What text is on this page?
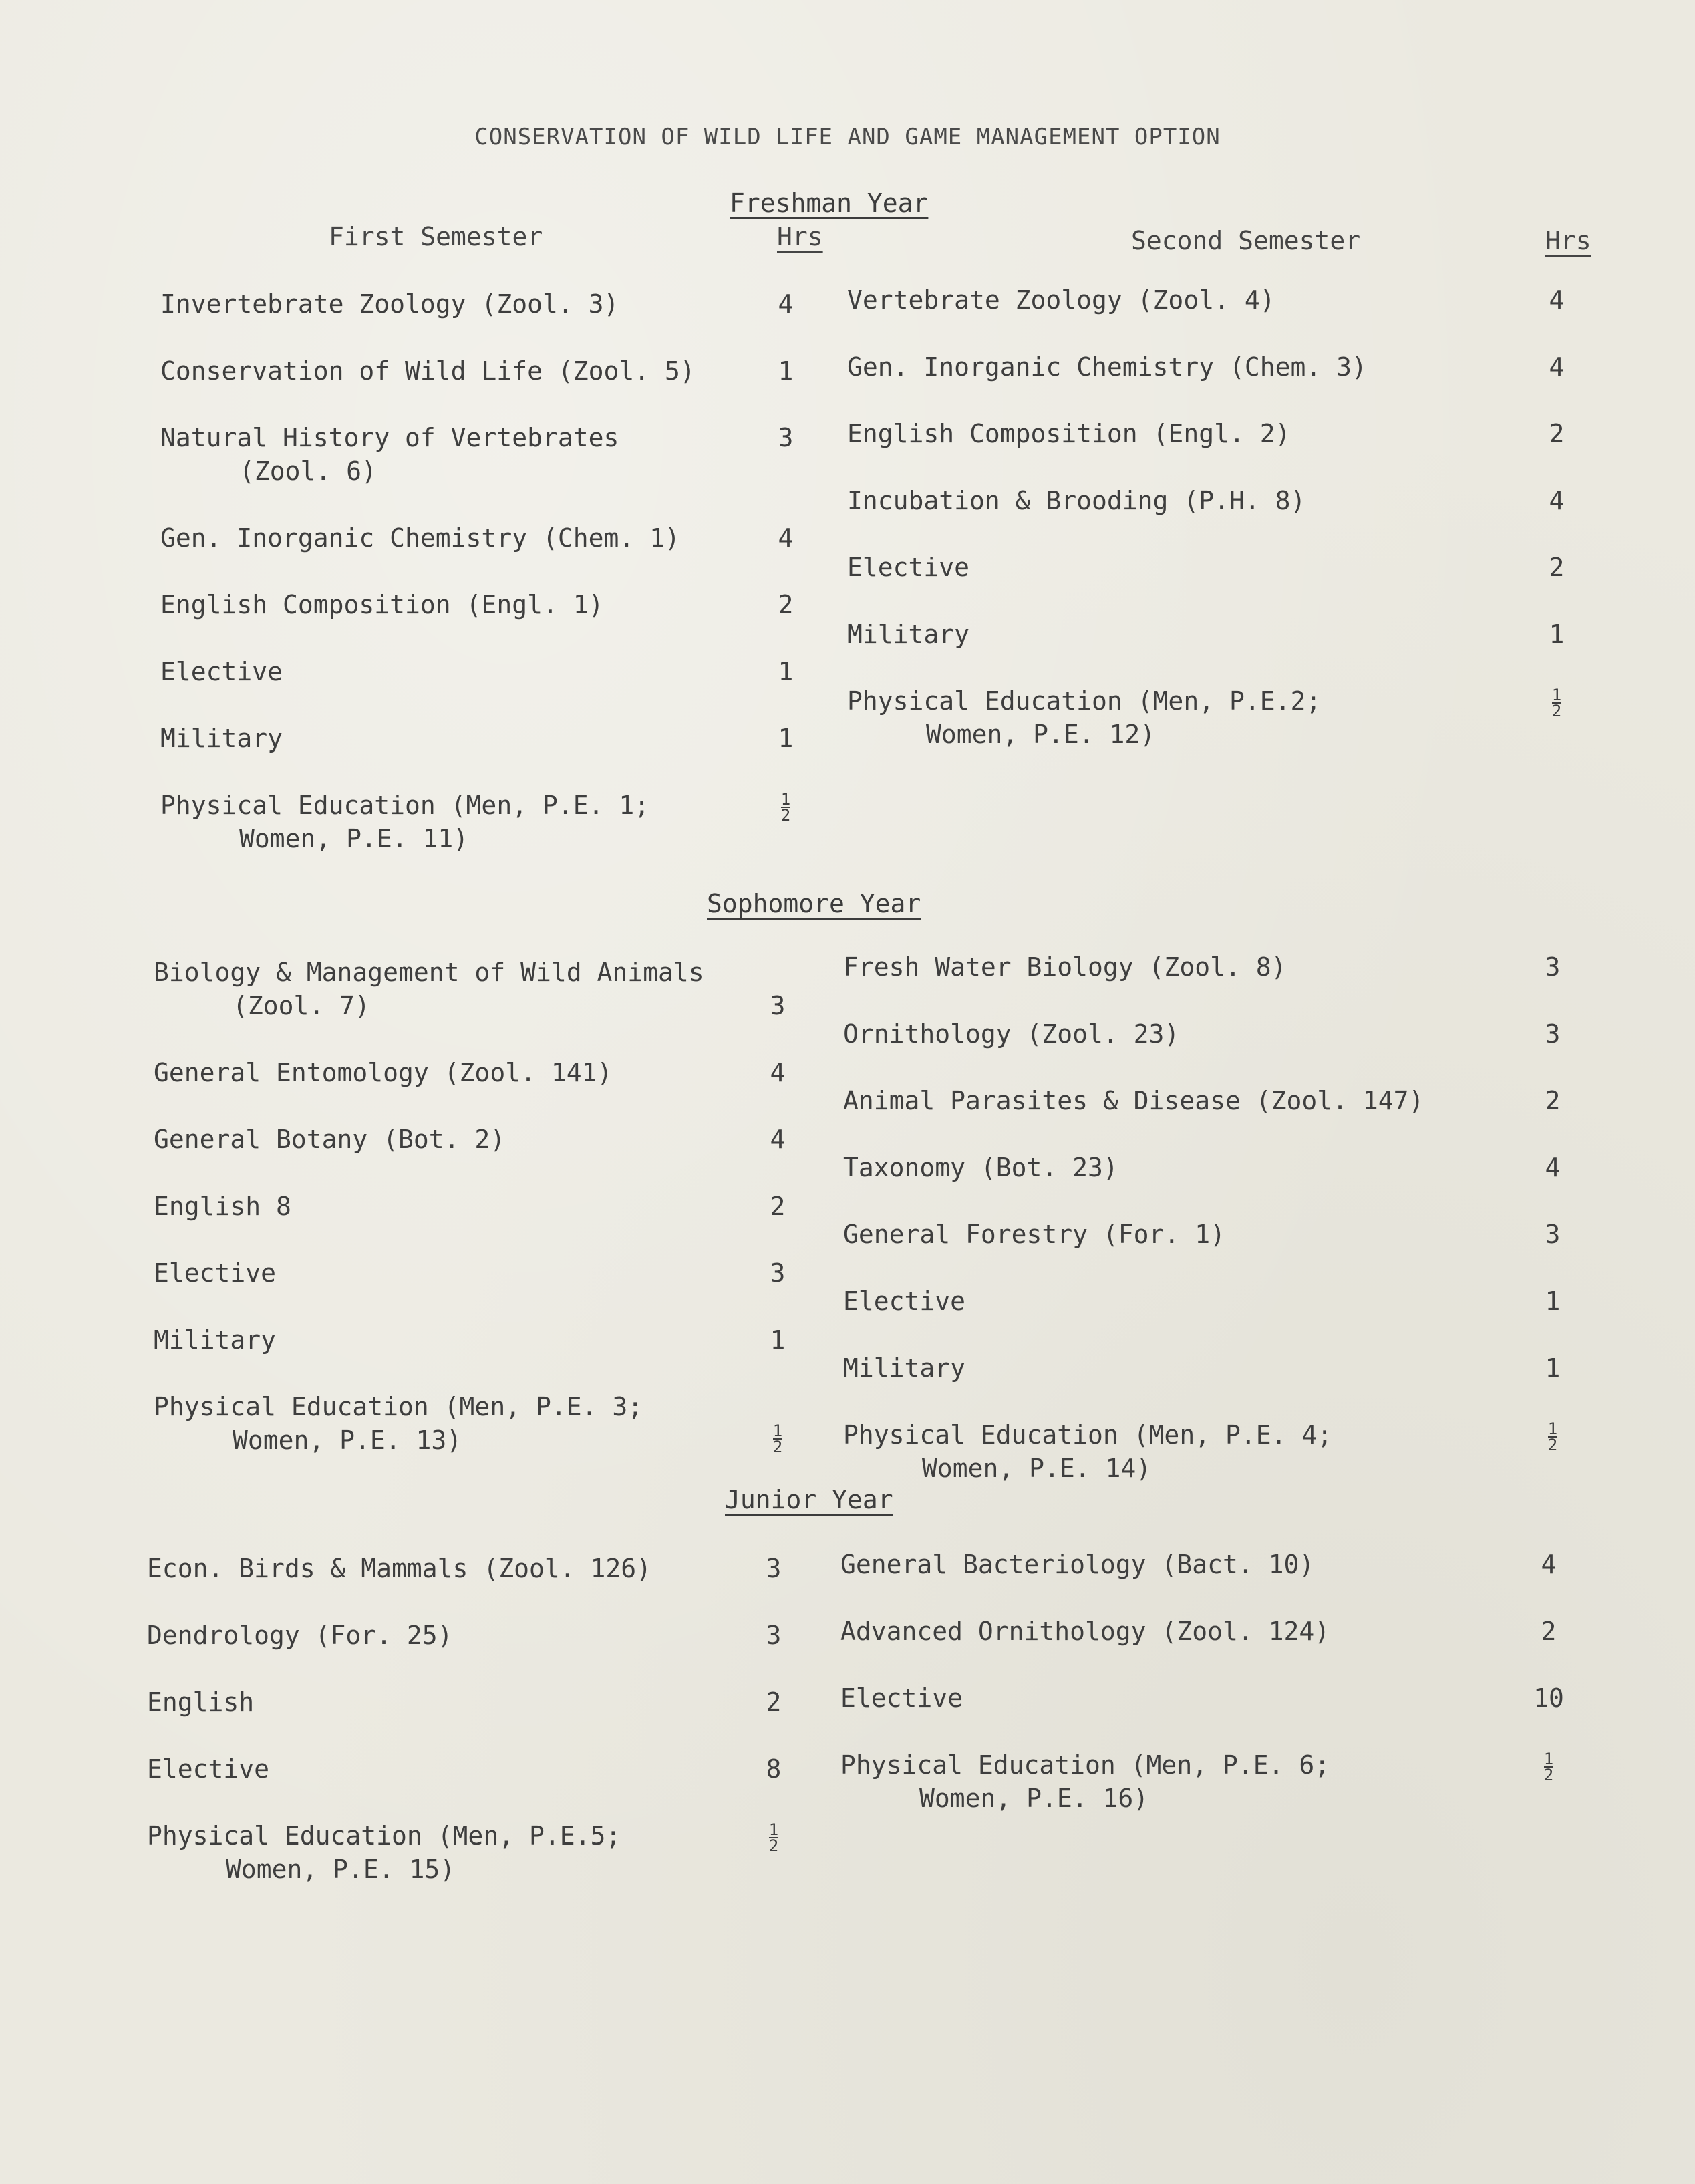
CONSERVATION OF WILD LIFE AND GAME MANAGEMENT OPTION
Freshman Year
First Semester	Hrs	Second Semester	Hrs
Invertebrate Zoology (Zool. 3)	4
Conservation of Wild Life (Zool. 5)	1
Natural History of Vertebrates
(Zool. 6)
3
Gen. Inorganic Chemistry (Chem. 1)	4
English Composition (Engl. 1)	2
Elective	1
Military	1
Physical Education (Men, P.E. 1;
Women, P.E. 11)
$\frac{1}{2}$
Vertebrate Zoology (Zool. 4)	4
Gen. Inorganic Chemistry (Chem. 3)	4
English Composition (Engl. 2)	2
Incubation & Brooding (P.H. 8)	4
Elective	2
Military	1
Physical Education (Men, P.E.2;
Women, P.E. 12)
$\frac{1}{2}$
Biology & Management of Wild Animals
(Zool. 7)	3
General Entomology (Zool. 141)	4
General Botany (Bot. 2)	4
English 8	2
Elective	3
Military	1
Physical Education (Men, P.E. 3;
Women, P.E. 13)	$\frac{1}{2}$
Fresh Water Biology (Zool. 8)	3
Ornithology (Zool. 23)	3
Animal Parasites & Disease (Zool. 147)	2
Taxonomy (Bot. 23)	4
General Forestry (For. 1)	3
Elective	1
Military	1
Physical Education (Men, P.E. 4;
Women, P.E. 14)
$\frac{1}{2}$
Econ. Birds & Mammals (Zool. 126)	3
Dendrology (For. 25)	3
English	2
Elective	8
Physical Education (Men, P.E.5;
Women, P.E. 15)
$\frac{1}{2}$
General Bacteriology (Bact. 10)	4
Advanced Ornithology (Zool. 124)	2
Elective	10
Physical Education (Men, P.E. 6;
Women, P.E. 16)
$\frac{1}{2}$
Sophomore Year
Junior Year
